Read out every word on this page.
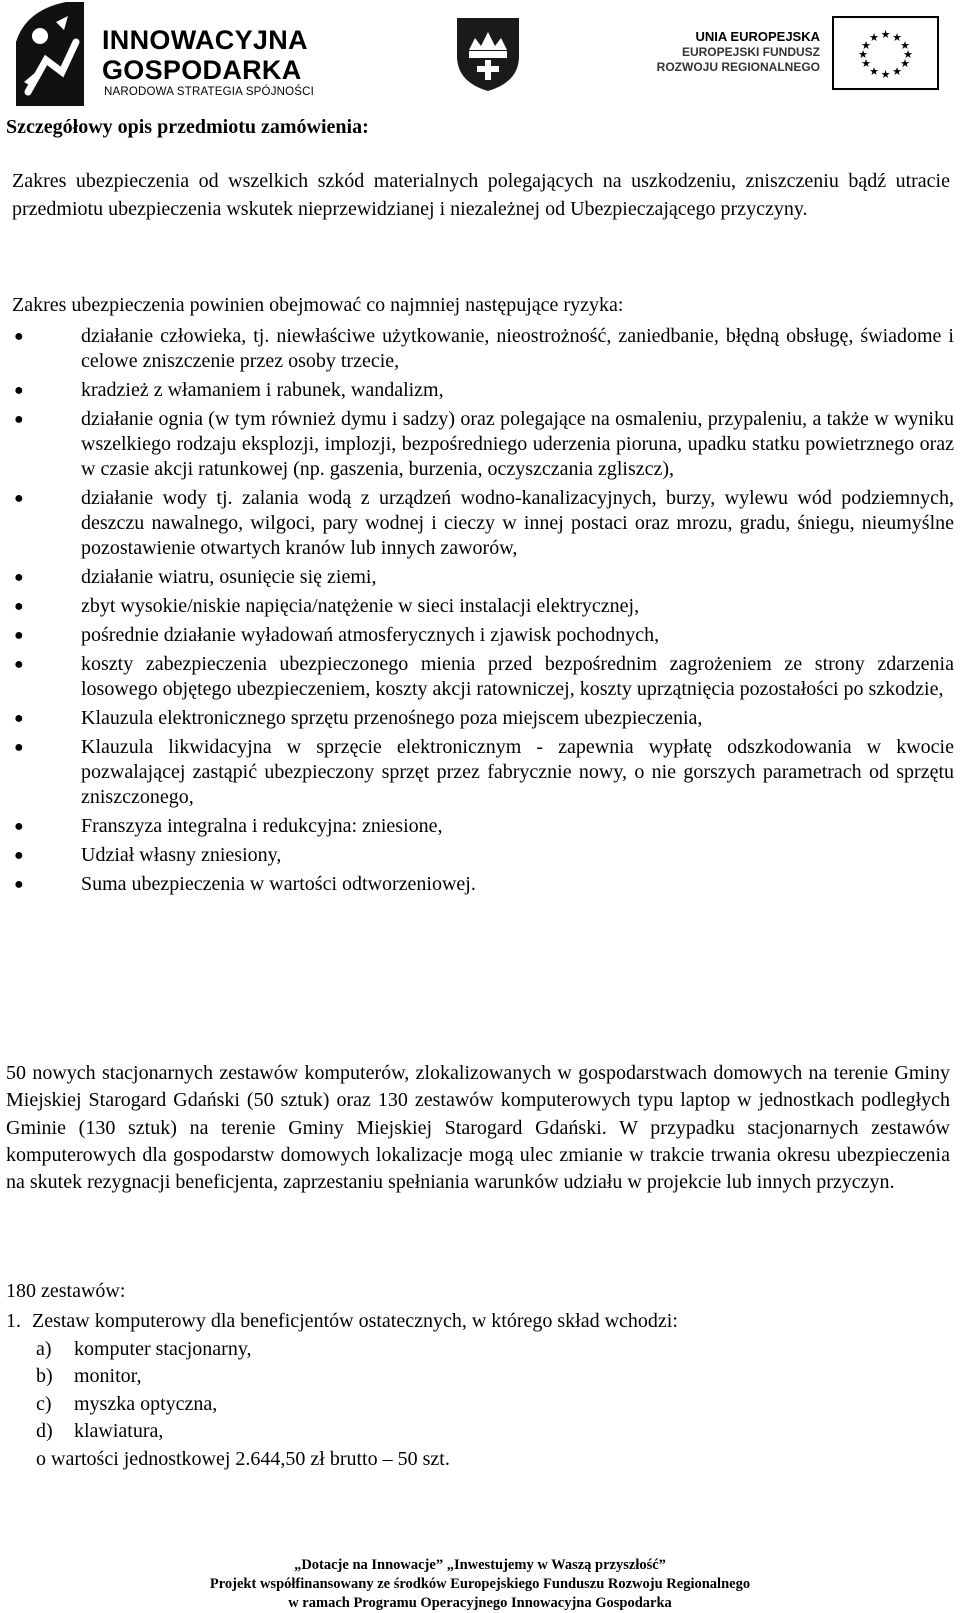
INNOWACYJNA
GOSPODARKA
NARODOWA STRATEGIA SPÓJNOŚCI
UNIA EUROPEJSKA
EUROPEJSKI FUNDUSZ
ROZWOJU REGIONALNEGO
★ ★
★
★
★
★
★
★
★
★
★
★
Szczegółowy opis przedmiotu zamówienia:
Zakres ubezpieczenia od wszelkich szkód materialnych polegających na uszkodzeniu, zniszczeniu bądź utracie przedmiotu ubezpieczenia wskutek nieprzewidzianej i niezależnej od Ubezpieczającego przyczyny.
Zakres ubezpieczenia powinien obejmować co najmniej następujące ryzyka:
●	działanie człowieka, tj. niewłaściwe użytkowanie, nieostrożność, zaniedbanie, błędną obsługę, świadome i celowe zniszczenie przez osoby trzecie,
●	kradzież z włamaniem i rabunek, wandalizm,
●	działanie ognia (w tym również dymu i sadzy) oraz polegające na osmaleniu, przypaleniu, a także w wyniku wszelkiego rodzaju eksplozji, implozji, bezpośredniego uderzenia pioruna, upadku statku powietrznego oraz w czasie akcji ratunkowej (np. gaszenia, burzenia, oczyszczania zgliszcz),
●	działanie wody tj. zalania wodą z urządzeń wodno-kanalizacyjnych, burzy, wylewu wód podziemnych, deszczu nawalnego, wilgoci, pary wodnej i cieczy w innej postaci oraz mrozu, gradu, śniegu, nieumyślne pozostawienie otwartych kranów lub innych zaworów,
●	działanie wiatru, osunięcie się ziemi,
●	zbyt wysokie/niskie napięcia/natężenie w sieci instalacji elektrycznej,
●	pośrednie działanie wyładowań atmosferycznych i zjawisk pochodnych,
●	koszty zabezpieczenia ubezpieczonego mienia przed bezpośrednim zagrożeniem ze strony zdarzenia losowego objętego ubezpieczeniem, koszty akcji ratowniczej, koszty uprzątnięcia pozostałości po szkodzie,
●	Klauzula elektronicznego sprzętu przenośnego poza miejscem ubezpieczenia,
●	Klauzula likwidacyjna w sprzęcie elektronicznym - zapewnia wypłatę odszkodowania w kwocie pozwalającej zastąpić ubezpieczony sprzęt przez fabrycznie nowy, o nie gorszych parametrach od sprzętu zniszczonego,
●	Franszyza integralna i redukcyjna: zniesione,
●	Udział własny zniesiony,
●	Suma ubezpieczenia w wartości odtworzeniowej.
50 nowych stacjonarnych zestawów komputerów, zlokalizowanych w gospodarstwach domowych na terenie Gminy Miejskiej Starogard Gdański (50 sztuk) oraz 130 zestawów komputerowych typu laptop w jednostkach podległych Gminie (130 sztuk) na terenie Gminy Miejskiej Starogard Gdański. W przypadku stacjonarnych zestawów komputerowych dla gospodarstw domowych lokalizacje mogą ulec zmianie w trakcie trwania okresu ubezpieczenia na skutek rezygnacji beneficjenta, zaprzestaniu spełniania warunków udziału w projekcie lub innych przyczyn.
180 zestawów:
1. Zestaw komputerowy dla beneficjentów ostatecznych, w którego skład wchodzi:
a) komputer stacjonarny,
b) monitor,
c) myszka optyczna,
d) klawiatura,
o wartości jednostkowej 2.644,50 zł brutto – 50 szt.
„Dotacje na Innowacje” „Inwestujemy w Waszą przyszłość”
Projekt współfinansowany ze środków Europejskiego Funduszu Rozwoju Regionalnego
w ramach Programu Operacyjnego Innowacyjna Gospodarka
